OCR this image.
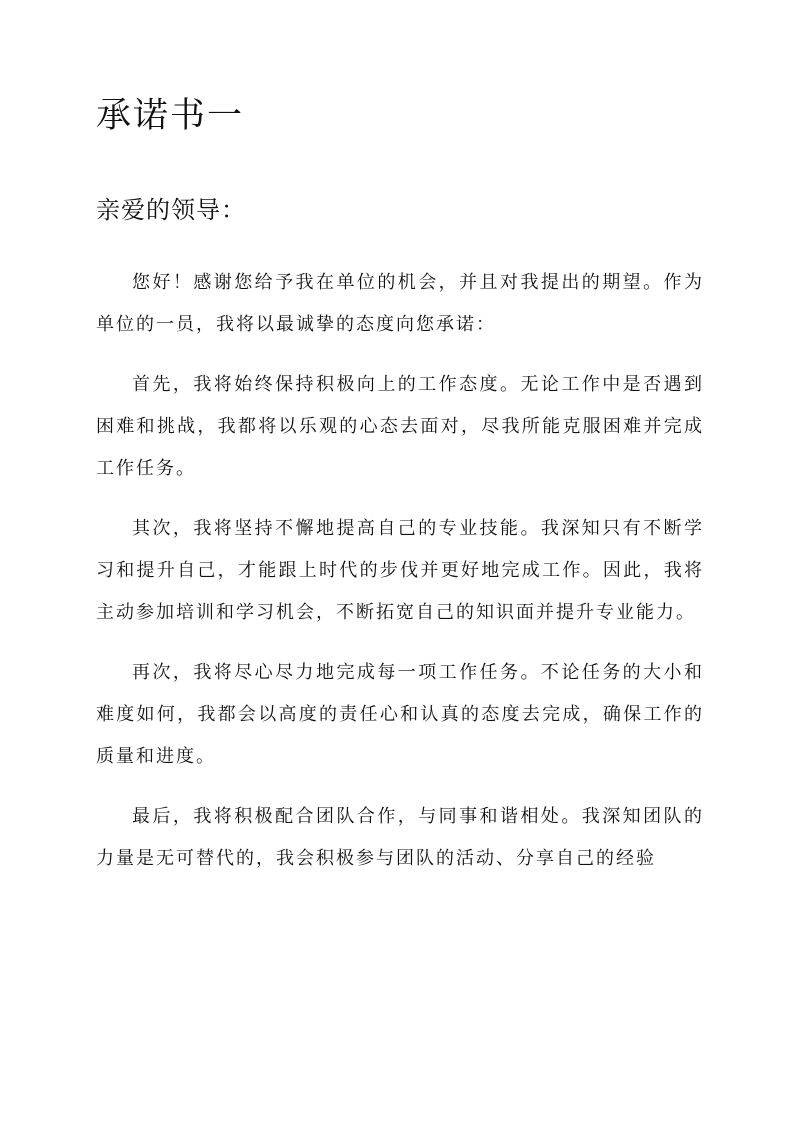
承诺书一
亲爱的领导：

您好！感谢您给予我在单位的机会，并且对我提出的期望。作为单位的一员，我将以最诚挚的态度向您承诺：

首先，我将始终保持积极向上的工作态度。无论工作中是否遇到困难和挑战，我都将以乐观的心态去面对，尽我所能克服困难并完成工作任务。

其次，我将坚持不懈地提高自己的专业技能。我深知只有不断学习和提升自己，才能跟上时代的步伐并更好地完成工作。因此，我将主动参加培训和学习机会，不断拓宽自己的知识面并提升专业能力。

再次，我将尽心尽力地完成每一项工作任务。不论任务的大小和难度如何，我都会以高度的责任心和认真的态度去完成，确保工作的质量和进度。

最后，我将积极配合团队合作，与同事和谐相处。我深知团队的力量是无可替代的，我会积极参与团队的活动、分享自己的经验
